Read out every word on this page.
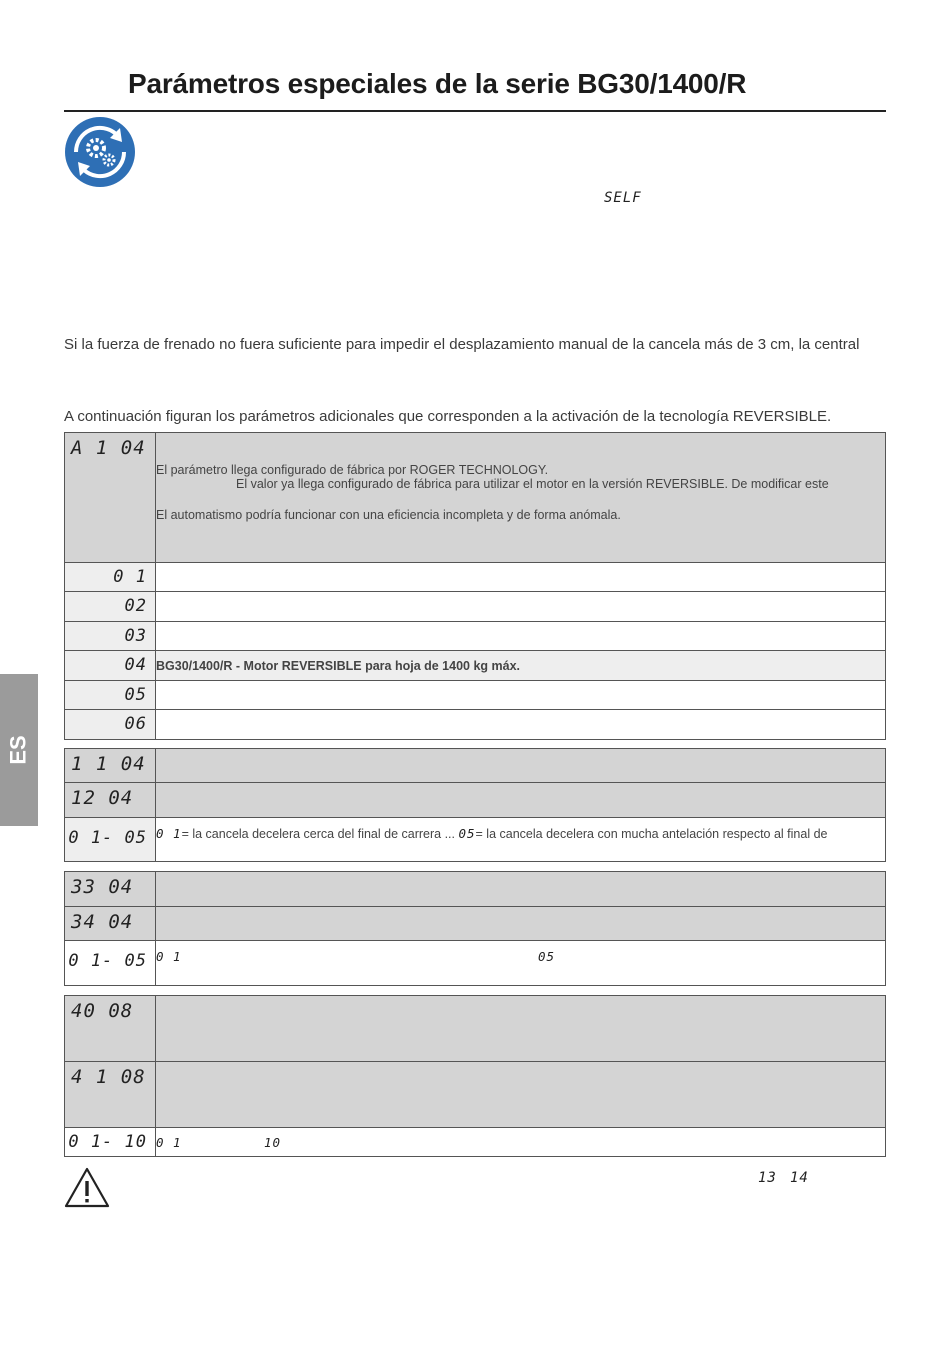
Parámetros especiales de la serie BG30/1400/R
SELF

Si la fuerza de frenado no fuera suficiente para impedir el desplazamiento manual de la cancela más de 3 cm, la central

A continuación figuran los parámetros adicionales que corresponden a la activación de la tecnología REVERSIBLE.

A 1 04	El parámetro llega configurado de fábrica por ROGER TECHNOLOGY.
El valor ya llega configurado de fábrica para utilizar el motor en la versión REVERSIBLE. De modificar este
El automatismo podría funcionar con una eficiencia incompleta y de forma anómala.

0 1	
02	
03	
04	BG30/1400/R - Motor REVERSIBLE para hoja de 1400 kg máx.
05	
06	
1 1 04	
12 04	
0 1- 05	0 1= la cancela decelera cerca del final de carrera ... 05= la cancela decelera con mucha antelación respecto al final de
33 04	
34 04	
0 1- 05	0 1 05
40 08	
4 1 08	
0 1- 10	0 1 10
ES
13 14
